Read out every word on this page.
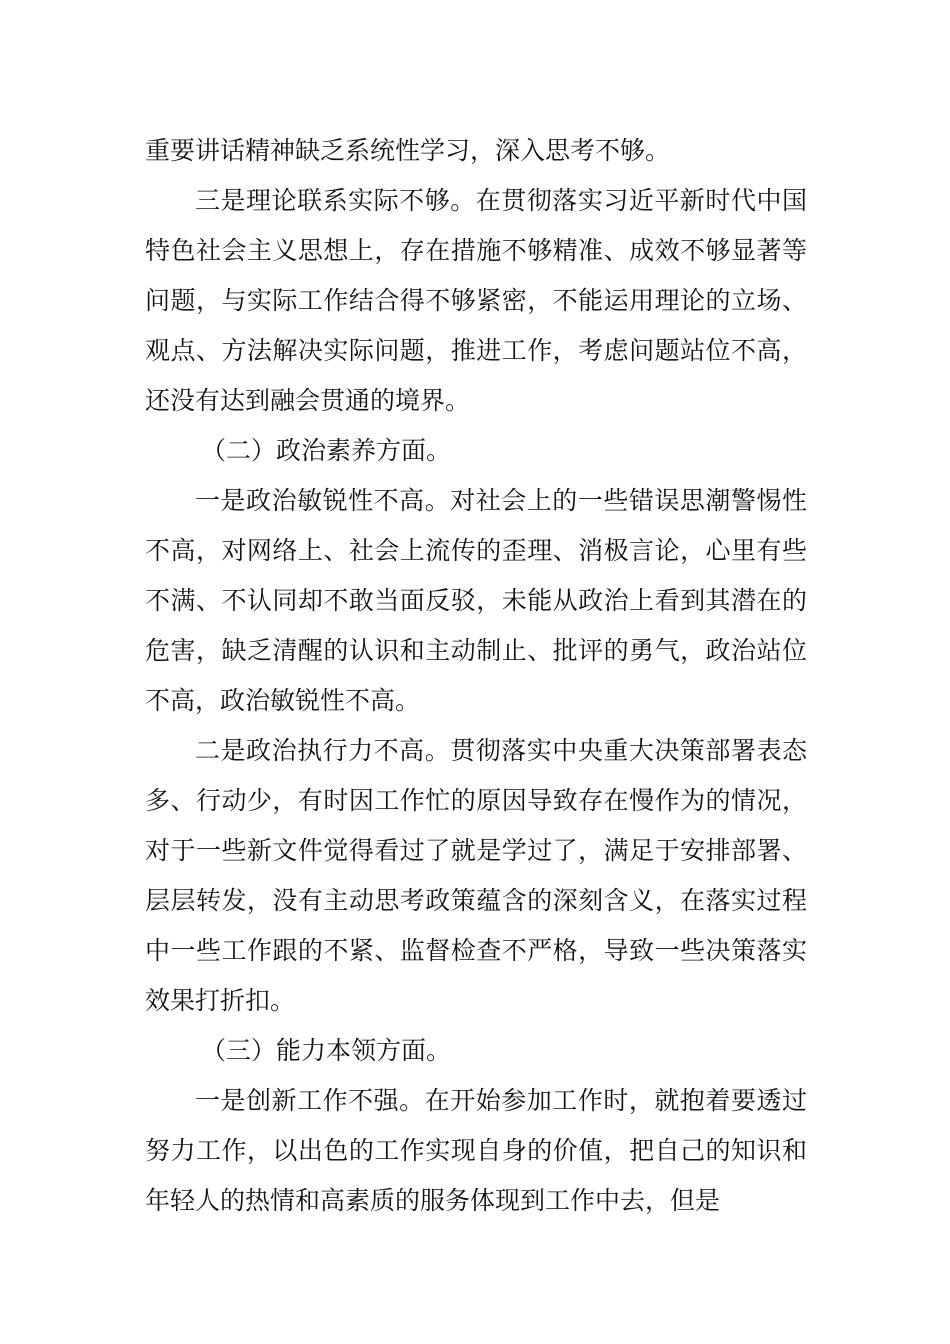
重要讲话精神缺乏系统性学习，深入思考不够。

三是理论联系实际不够。在贯彻落实习近平新时代中国特色社会主义思想上，存在措施不够精准、成效不够显著等问题，与实际工作结合得不够紧密，不能运用理论的立场、观点、方法解决实际问题，推进工作，考虑问题站位不高，还没有达到融会贯通的境界。

（二）政治素养方面。

一是政治敏锐性不高。对社会上的一些错误思潮警惕性不高，对网络上、社会上流传的歪理、消极言论，心里有些不满、不认同却不敢当面反驳，未能从政治上看到其潜在的危害，缺乏清醒的认识和主动制止、批评的勇气，政治站位不高，政治敏锐性不高。

二是政治执行力不高。贯彻落实中央重大决策部署表态多、行动少，有时因工作忙的原因导致存在慢作为的情况，对于一些新文件觉得看过了就是学过了，满足于安排部署、层层转发，没有主动思考政策蕴含的深刻含义，在落实过程中一些工作跟的不紧、监督检查不严格，导致一些决策落实效果打折扣。

（三）能力本领方面。

一是创新工作不强。在开始参加工作时，就抱着要透过努力工作，以出色的工作实现自身的价值，把自己的知识和年轻人的热情和高素质的服务体现到工作中去，但是
